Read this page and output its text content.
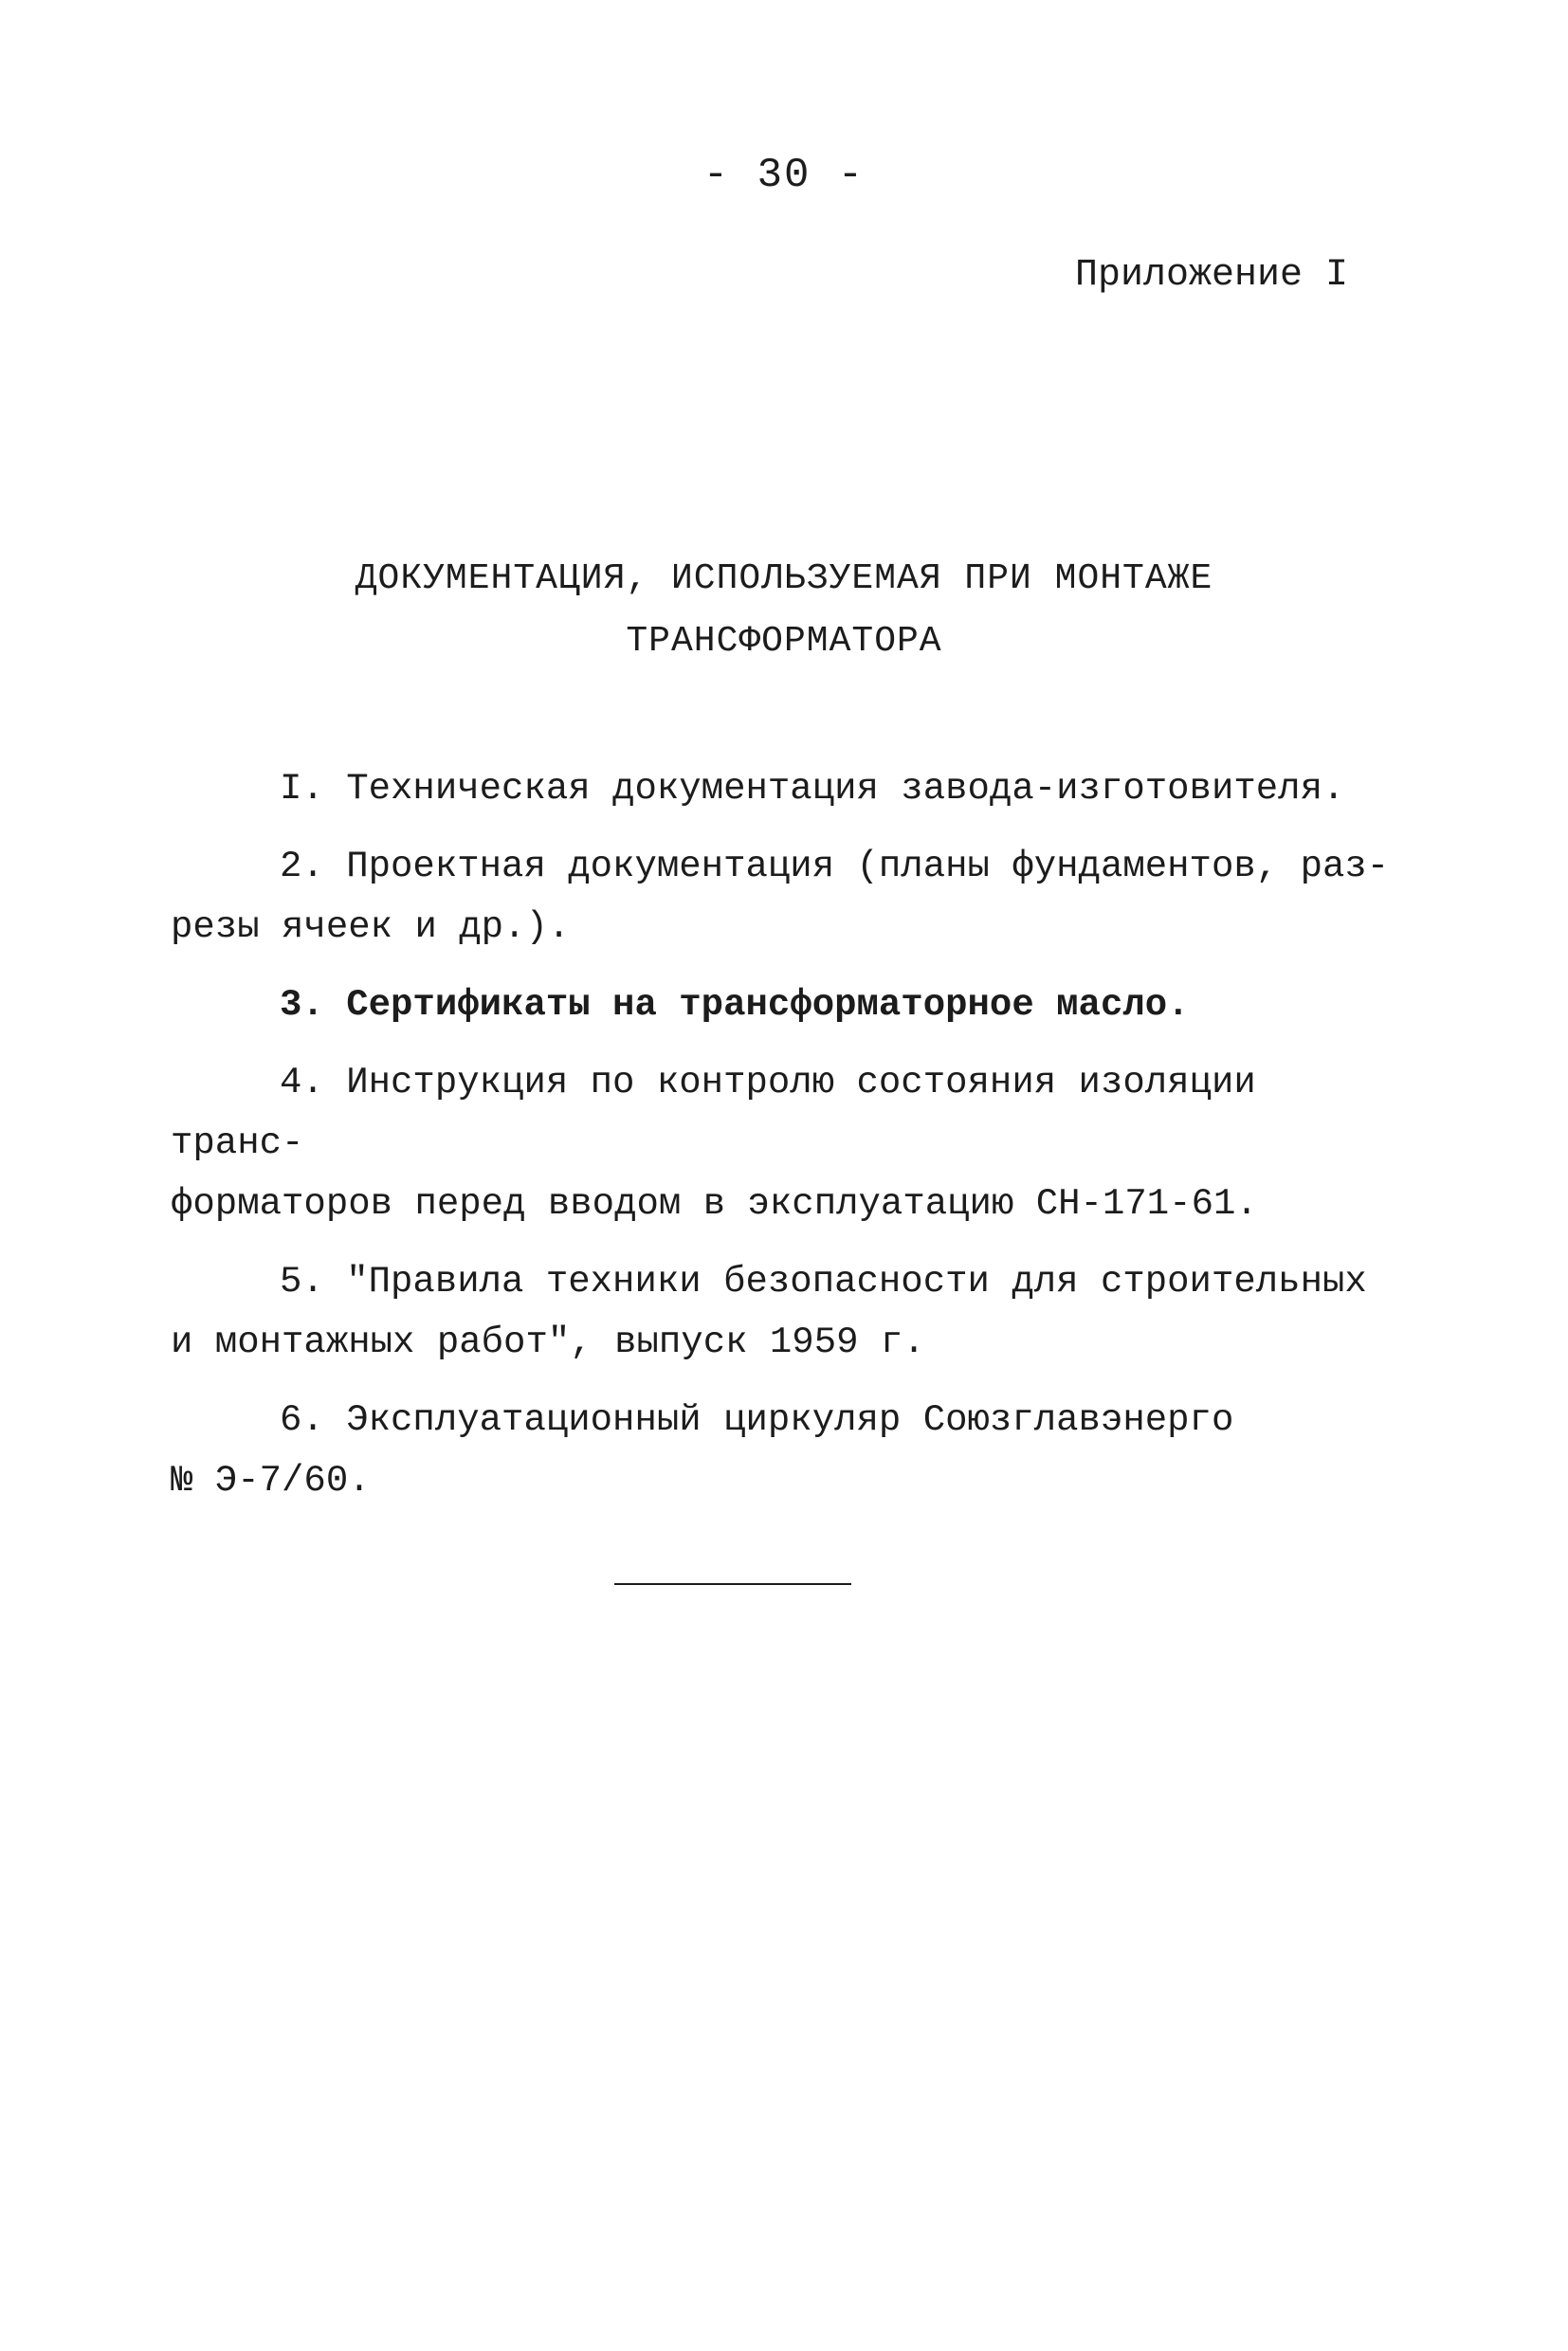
- 30 -
Приложение I
ДОКУМЕНТАЦИЯ, ИСПОЛЬЗУЕМАЯ ПРИ МОНТАЖЕ
ТРАНСФОРМАТОРА

I. Техническая документация завода-изготовителя.

2. Проектная документация (планы фундаментов, раз-
резы ячеек и др.).

3. Сертификаты на трансформаторное масло.

4. Инструкция по контролю состояния изоляции транс-
форматоров перед вводом в эксплуатацию СН-171-61.

5. "Правила техники безопасности для строительных
и монтажных работ", выпуск 1959 г.

6. Эксплуатационный циркуляр Союзглавэнерго
№ Э-7/60.
